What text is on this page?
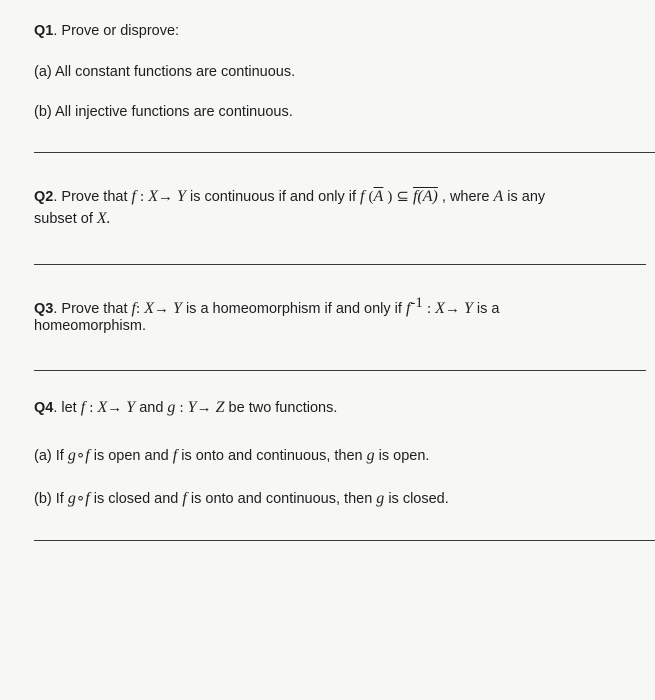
Q1. Prove or disprove:
(a) All constant functions are continuous.
(b) All injective functions are continuous.
Q2. Prove that f : X→ Y is continuous if and only if f ($\overline{A}$ ) ⊆ f(A) , where A is any
subset of X.
Q3. Prove that f: X→ Y is a homeomorphism if and only if $f^{-1}$ : X→ Y is a
homeomorphism.
Q4. let f : X→ Y and g : Y→ Z be two functions.
(a) If g∘f is open and f is onto and continuous, then g is open.
(b) If g∘f is closed and f is onto and continuous, then g is closed.
